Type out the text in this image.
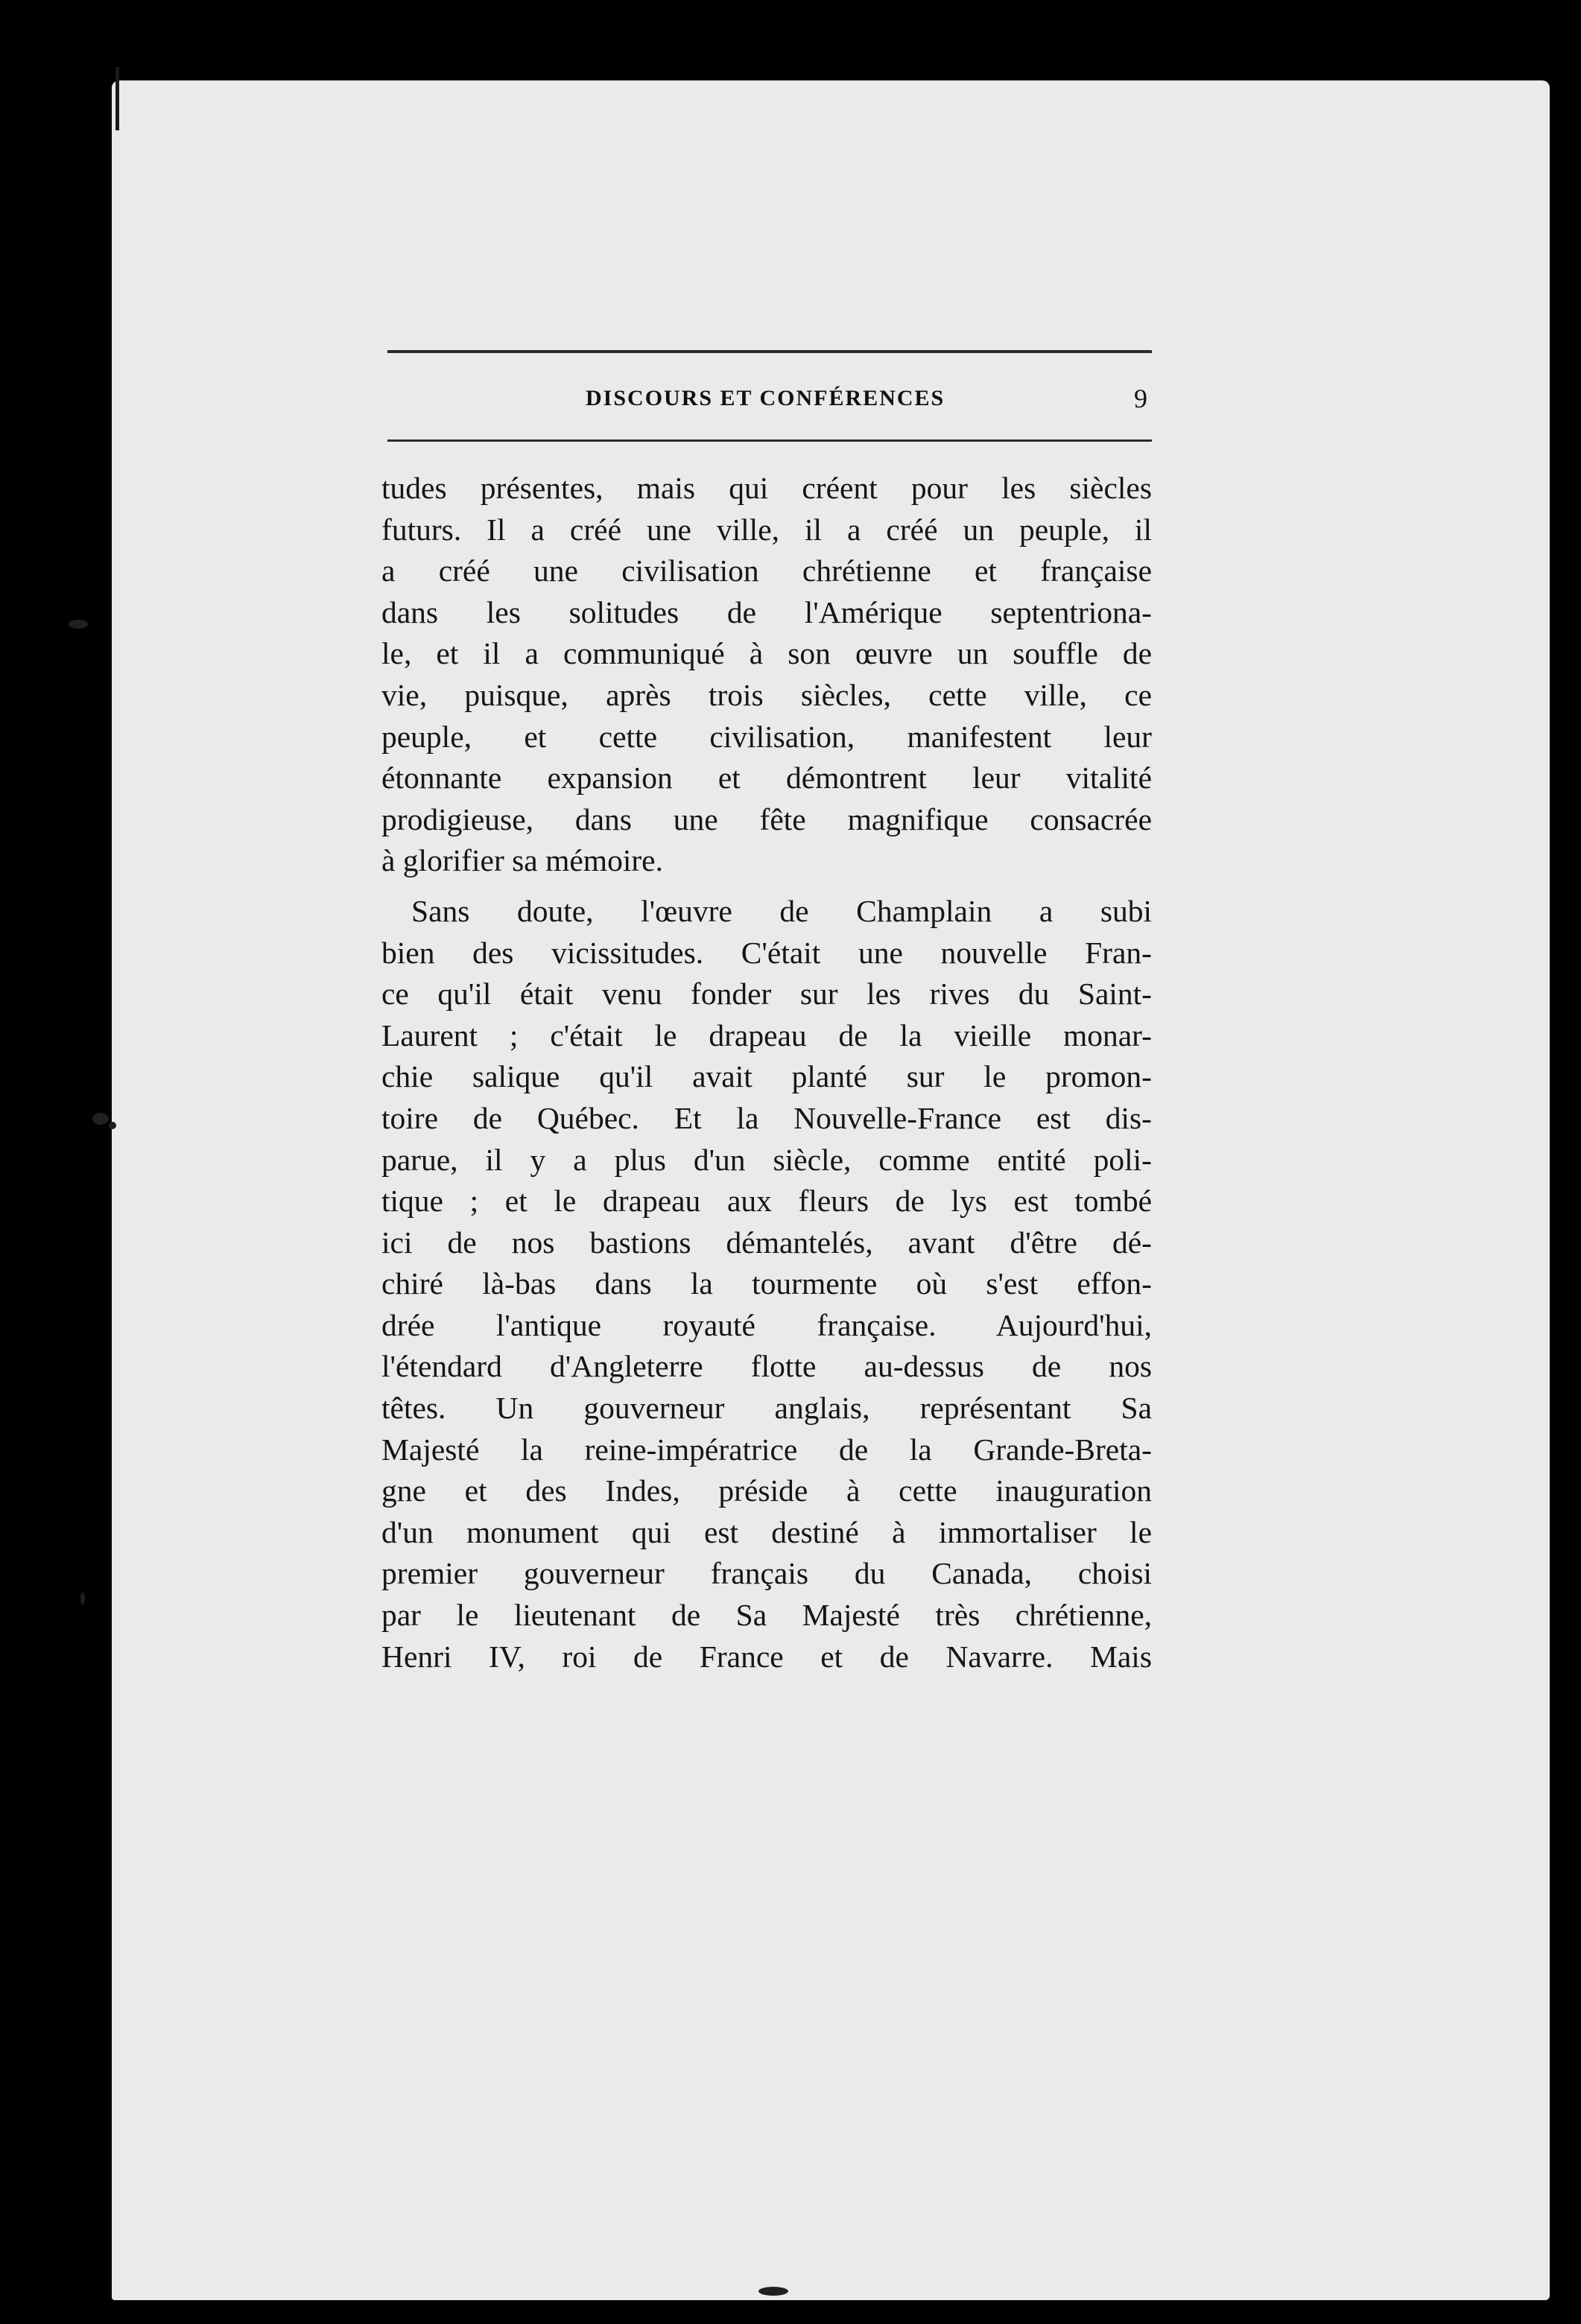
DISCOURS ET CONFÉRENCES	9
tudes présentes, mais qui créent pour les siècles
futurs. Il a créé une ville, il a créé un peuple, il
a créé une civilisation chrétienne et française
dans les solitudes de l'Amérique septentriona-
le, et il a communiqué à son œuvre un souffle de
vie, puisque, après trois siècles, cette ville, ce
peuple, et cette civilisation, manifestent leur
étonnante expansion et démontrent leur vitalité
prodigieuse, dans une fête magnifique consacrée
à glorifier sa mémoire.
Sans doute, l'œuvre de Champlain a subi
bien des vicissitudes. C'était une nouvelle Fran-
ce qu'il était venu fonder sur les rives du Saint-
Laurent ; c'était le drapeau de la vieille monar-
chie salique qu'il avait planté sur le promon-
toire de Québec. Et la Nouvelle-France est dis-
parue, il y a plus d'un siècle, comme entité poli-
tique ; et le drapeau aux fleurs de lys est tombé
ici de nos bastions démantelés, avant d'être dé-
chiré là-bas dans la tourmente où s'est effon-
drée l'antique royauté française. Aujourd'hui,
l'étendard d'Angleterre flotte au-dessus de nos
têtes. Un gouverneur anglais, représentant Sa
Majesté la reine-impératrice de la Grande-Breta-
gne et des Indes, préside à cette inauguration
d'un monument qui est destiné à immortaliser le
premier gouverneur français du Canada, choisi
par le lieutenant de Sa Majesté très chrétienne,
Henri IV, roi de France et de Navarre. Mais
